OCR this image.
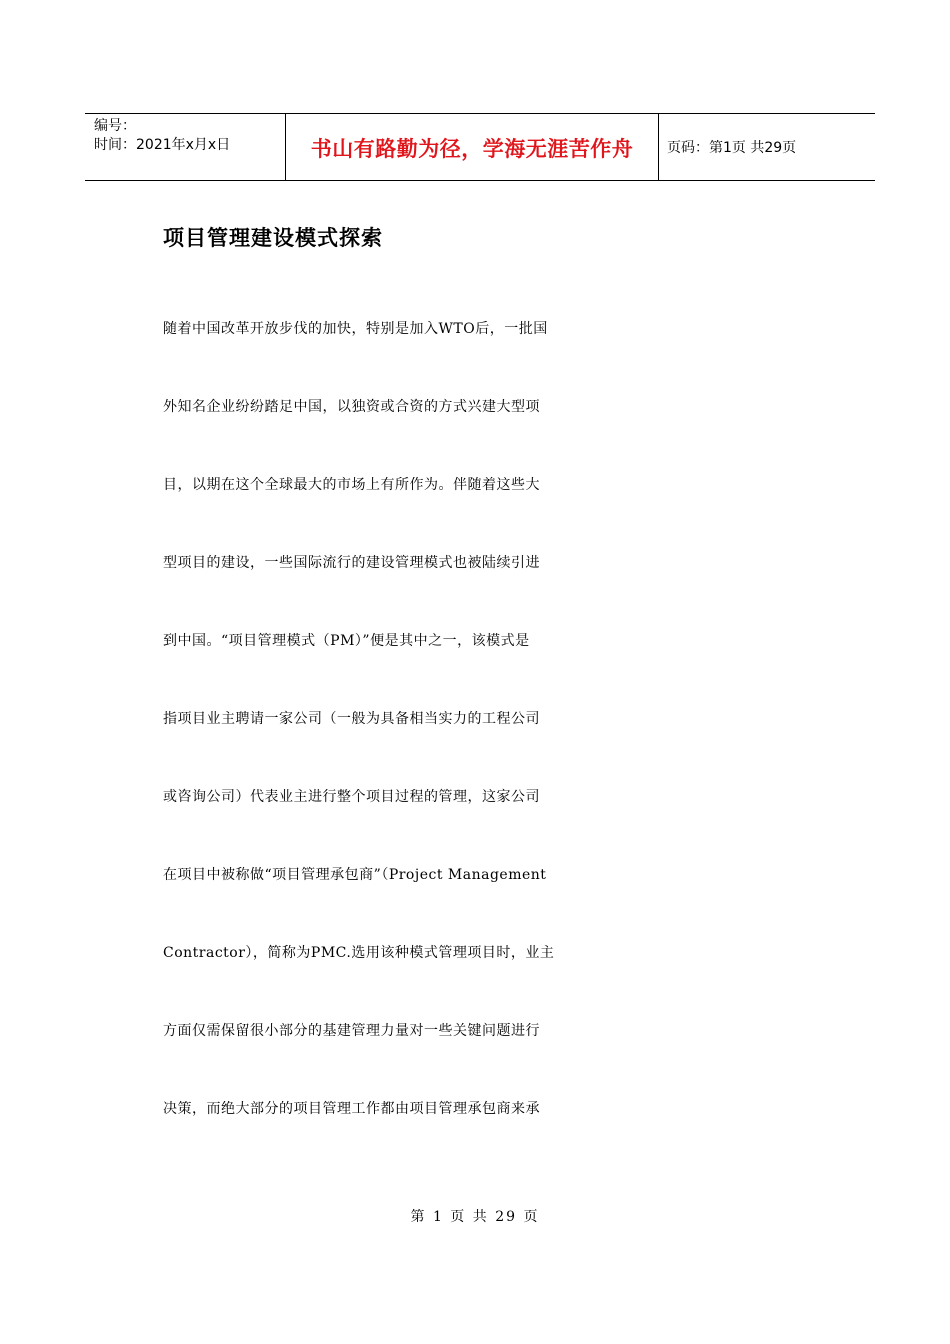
编号：
时间：2021年x月x日	书山有路勤为径，学海无涯苦作舟 页码：第1页 共29页
项目管理建设模式探索
随着中国改革开放步伐的加快，特别是加入WTO后，一批国
外知名企业纷纷踏足中国，以独资或合资的方式兴建大型项
目，以期在这个全球最大的市场上有所作为。伴随着这些大
型项目的建设，一些国际流行的建设管理模式也被陆续引进
到中国。“项目管理模式（PM）”便是其中之一，该模式是
指项目业主聘请一家公司（一般为具备相当实力的工程公司
或咨询公司）代表业主进行整个项目过程的管理，这家公司
在项目中被称做“项目管理承包商”（Project Management
Contractor），简称为PMC.选用该种模式管理项目时，业主
方面仅需保留很小部分的基建管理力量对一些关键问题进行
决策，而绝大部分的项目管理工作都由项目管理承包商来承
第 1 页 共 29 页
